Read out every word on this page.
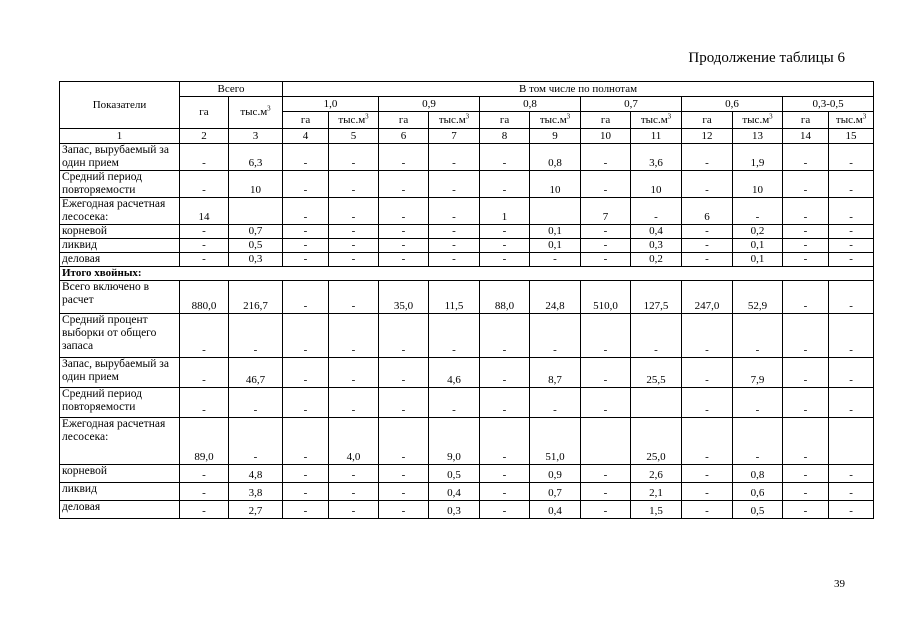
Продолжение таблицы 6
Показатели	Всего		В том числе по полнотам											
	га	$тыс.м^3$	1,0		0,9		0,8		0,7		0,6		0,3-0,5	
			га	$тыс.м^3$	га	$тыс.м^3$	га	$тыс.м^3$	га	$тыс.м^3$	га	$тыс.м^3$	га	$тыс.м^3$
1	2	3	4	5	6	7	8	9	10	11	12	13	14	15
Запас, вырубаемый за один прием	-	6,3	-	-	-	-	-	0,8	-	3,6	-	1,9	-	-
Средний период повторяемости	-	10	-	-	-	-	-	10	-	10	-	10	-	-
Ежегодная расчетная лесосека:	14		-	-	-	-	1		7	-	6	-	-	-
корневой	-	0,7	-	-	-	-	-	0,1	-	0,4	-	0,2	-	-
ликвид	-	0,5	-	-	-	-	-	0,1	-	0,3	-	0,1	-	-
деловая	-	0,3	-	-	-	-	-	-	-	0,2	-	0,1	-	-
Итого хвойных:														
Всего включено в расчет	880,0	216,7	-	-	35,0	11,5	88,0	24,8	510,0	127,5	247,0	52,9	-	-
Средний процент выборки от общего запаса	-	-	-	-	-	-	-	-	-	-	-	-	-	-
Запас, вырубаемый за один прием	-	46,7	-	-	-	4,6	-	8,7	-	25,5	-	7,9	-	-
Средний период повторяемости	-	-	-	-	-	-	-	-	-		-	-	-	-
Ежегодная расчетная лесосека:	89,0	-	-	4,0	-	9,0	-	51,0		25,0	-	-	-	
корневой	-	4,8	-	-	-	0,5	-	0,9	-	2,6	-	0,8	-	-
ликвид	-	3,8	-	-	-	0,4	-	0,7	-	2,1	-	0,6	-	-
деловая	-	2,7	-	-	-	0,3	-	0,4	-	1,5	-	0,5	-	-
39
